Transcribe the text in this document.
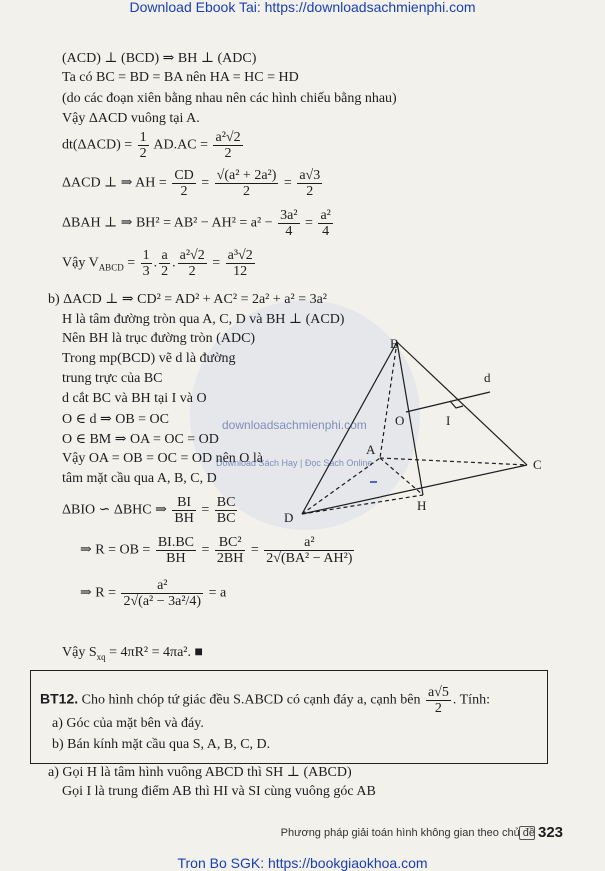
Download Ebook Tai: https://downloadsachmienphi.com
(ACD) ⊥ (BCD) ⇒ BH ⊥ (ADC)
Ta có BC = BD = BA nên HA = HC = HD
(do các đoạn xiên bằng nhau nên các hình chiếu bằng nhau)
Vậy ΔACD vuông tại A.
$dt(\Delta ACD) = \frac{1}{2} AD.AC = \frac{\text{a²√2}}{2}$
ΔACD ⊥ ⇒ AH = $\frac{CD}{2} = \frac{\text{√(a² + 2a²)}}{2} = \frac{a√3}{2}$
ΔBAH ⊥ ⇒ $BH^2 = AB^2 - AH^2 = a^2 - \frac{\text{3a²}}{4} = \frac{\text{a²}}{4}$
Vậy $V_{ABCD} = \frac{1}{3}$ . $\frac{a}{2}$ . $\frac{\text{a²√2}}{2} = \frac{\text{a³√2}}{12}$
b) ΔACD ⊥ ⇒ CD² = AD² + AC² = 2a² + a² = 3a²
H là tâm đường tròn qua A, C, D và BH ⊥ (ACD)
Nên BH là trục đường tròn (ADC)
Trong mp(BCD) vẽ d là đường
trung trực của BC
d cắt BC và BH tại I và O
O ∈ d ⇒ OB = OC
O ∈ BM ⇒ OA = OC = OD
Vậy OA = OB = OC = OD nên O là
tâm mặt cầu qua A, B, C, D
ΔBIO ∽ ΔBHC ⇒ $\frac{BI}{BH} = \frac{BC}{BC}$
⇒ R = OB = $\frac{BI.BC}{BH} = \frac{\text{BC²}}{2BH} = \frac{\text{a²}}{\text{2√(BA² − AH²)}}$
⇒ $R = \frac{\text{a²}}{\text{2√(a² − 3a²/4)}} = a$
Vậy $S_{xq} = 4\pi R^2 = 4\pi a^2$. ■
BT12. Cho hình chóp tứ giác đều S.ABCD có cạnh đáy a, cạnh bên $\frac{a√5}{2}$ . Tính:
a) Góc của mặt bên và đáy.
b) Bán kính mặt cầu qua S, A, B, C, D.
a) Gọi H là tâm hình vuông ABCD thì SH ⊥ (ABCD)
Gọi I là trung điểm AB thì HI và SI cùng vuông góc AB
B
A
C
D
H
O	I
d
downloadsachmienphi.com
Download Sách Hay | Đọc Sách Online
Phương pháp giải toán hình không gian theo chủ đề 323
Tron Bo SGK: https://bookgiaokhoa.com
